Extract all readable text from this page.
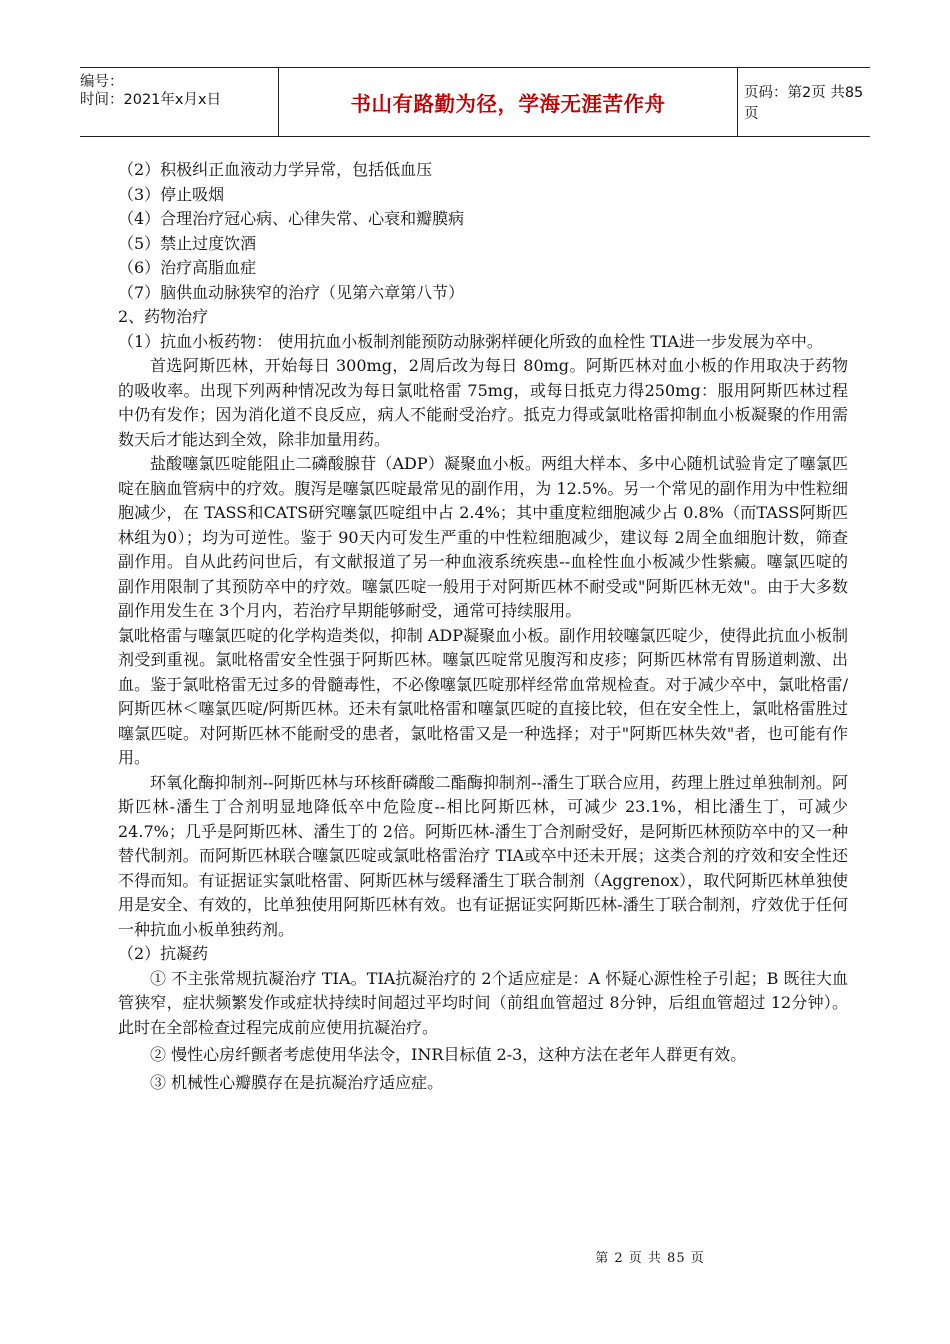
编号：
时间：2021年x月x日	书山有路勤为径，学海无涯苦作舟	页码：第2页 共85页

（2）积极纠正血液动力学异常，包括低血压

（3）停止吸烟

（4）合理治疗冠心病、心律失常、心衰和瓣膜病

（5）禁止过度饮酒

（6）治疗高脂血症

（7）脑供血动脉狭窄的治疗（见第六章第八节）

2、药物治疗

（1）抗血小板药物： 使用抗血小板制剂能预防动脉粥样硬化所致的血栓性 TIA进一步发展为卒中。

首选阿斯匹林，开始每日 300mg，2周后改为每日 80mg。阿斯匹林对血小板的作用取决于药物的吸收率。出现下列两种情况改为每日氯吡格雷 75mg，或每日抵克力得250mg：服用阿斯匹林过程中仍有发作；因为消化道不良反应，病人不能耐受治疗。抵克力得或氯吡格雷抑制血小板凝聚的作用需数天后才能达到全效，除非加量用药。

盐酸噻氯匹啶能阻止二磷酸腺苷（ADP）凝聚血小板。两组大样本、多中心随机试验肯定了噻氯匹啶在脑血管病中的疗效。腹泻是噻氯匹啶最常见的副作用，为 12.5%。另一个常见的副作用为中性粒细胞减少，在 TASS和CATS研究噻氯匹啶组中占 2.4%；其中重度粒细胞减少占 0.8%（而TASS阿斯匹林组为0）；均为可逆性。鉴于 90天内可发生严重的中性粒细胞减少，建议每 2周全血细胞计数，筛查副作用。自从此药问世后，有文献报道了另一种血液系统疾患--血栓性血小板减少性紫癜。噻氯匹啶的副作用限制了其预防卒中的疗效。噻氯匹啶一般用于对阿斯匹林不耐受或"阿斯匹林无效"。由于大多数副作用发生在 3个月内，若治疗早期能够耐受，通常可持续服用。

氯吡格雷与噻氯匹啶的化学构造类似，抑制 ADP凝聚血小板。副作用较噻氯匹啶少，使得此抗血小板制剂受到重视。氯吡格雷安全性强于阿斯匹林。噻氯匹啶常见腹泻和皮疹；阿斯匹林常有胃肠道刺激、出血。鉴于氯吡格雷无过多的骨髓毒性，不必像噻氯匹啶那样经常血常规检查。对于减少卒中，氯吡格雷/阿斯匹林＜噻氯匹啶/阿斯匹林。还未有氯吡格雷和噻氯匹啶的直接比较，但在安全性上，氯吡格雷胜过噻氯匹啶。对阿斯匹林不能耐受的患者，氯吡格雷又是一种选择；对于"阿斯匹林失效"者，也可能有作用。

环氧化酶抑制剂--阿斯匹林与环核酐磷酸二酯酶抑制剂--潘生丁联合应用，药理上胜过单独制剂。阿斯匹林-潘生丁合剂明显地降低卒中危险度--相比阿斯匹林，可减少 23.1%，相比潘生丁，可减少 24.7%；几乎是阿斯匹林、潘生丁的 2倍。阿斯匹林-潘生丁合剂耐受好，是阿斯匹林预防卒中的又一种替代制剂。而阿斯匹林联合噻氯匹啶或氯吡格雷治疗 TIA或卒中还未开展；这类合剂的疗效和安全性还不得而知。有证据证实氯吡格雷、阿斯匹林与缓释潘生丁联合制剂（Aggrenox），取代阿斯匹林单独使用是安全、有效的，比单独使用阿斯匹林有效。也有证据证实阿斯匹林-潘生丁联合制剂，疗效优于任何一种抗血小板单独药剂。

（2）抗凝药

① 不主张常规抗凝治疗 TIA。TIA抗凝治疗的 2个适应症是：A 怀疑心源性栓子引起；B 既往大血管狭窄，症状频繁发作或症状持续时间超过平均时间（前组血管超过 8分钟，后组血管超过 12分钟）。此时在全部检查过程完成前应使用抗凝治疗。

② 慢性心房纤颤者考虑使用华法令，INR目标值 2-3，这种方法在老年人群更有效。

③ 机械性心瓣膜存在是抗凝治疗适应症。

第 2 页 共 85 页
